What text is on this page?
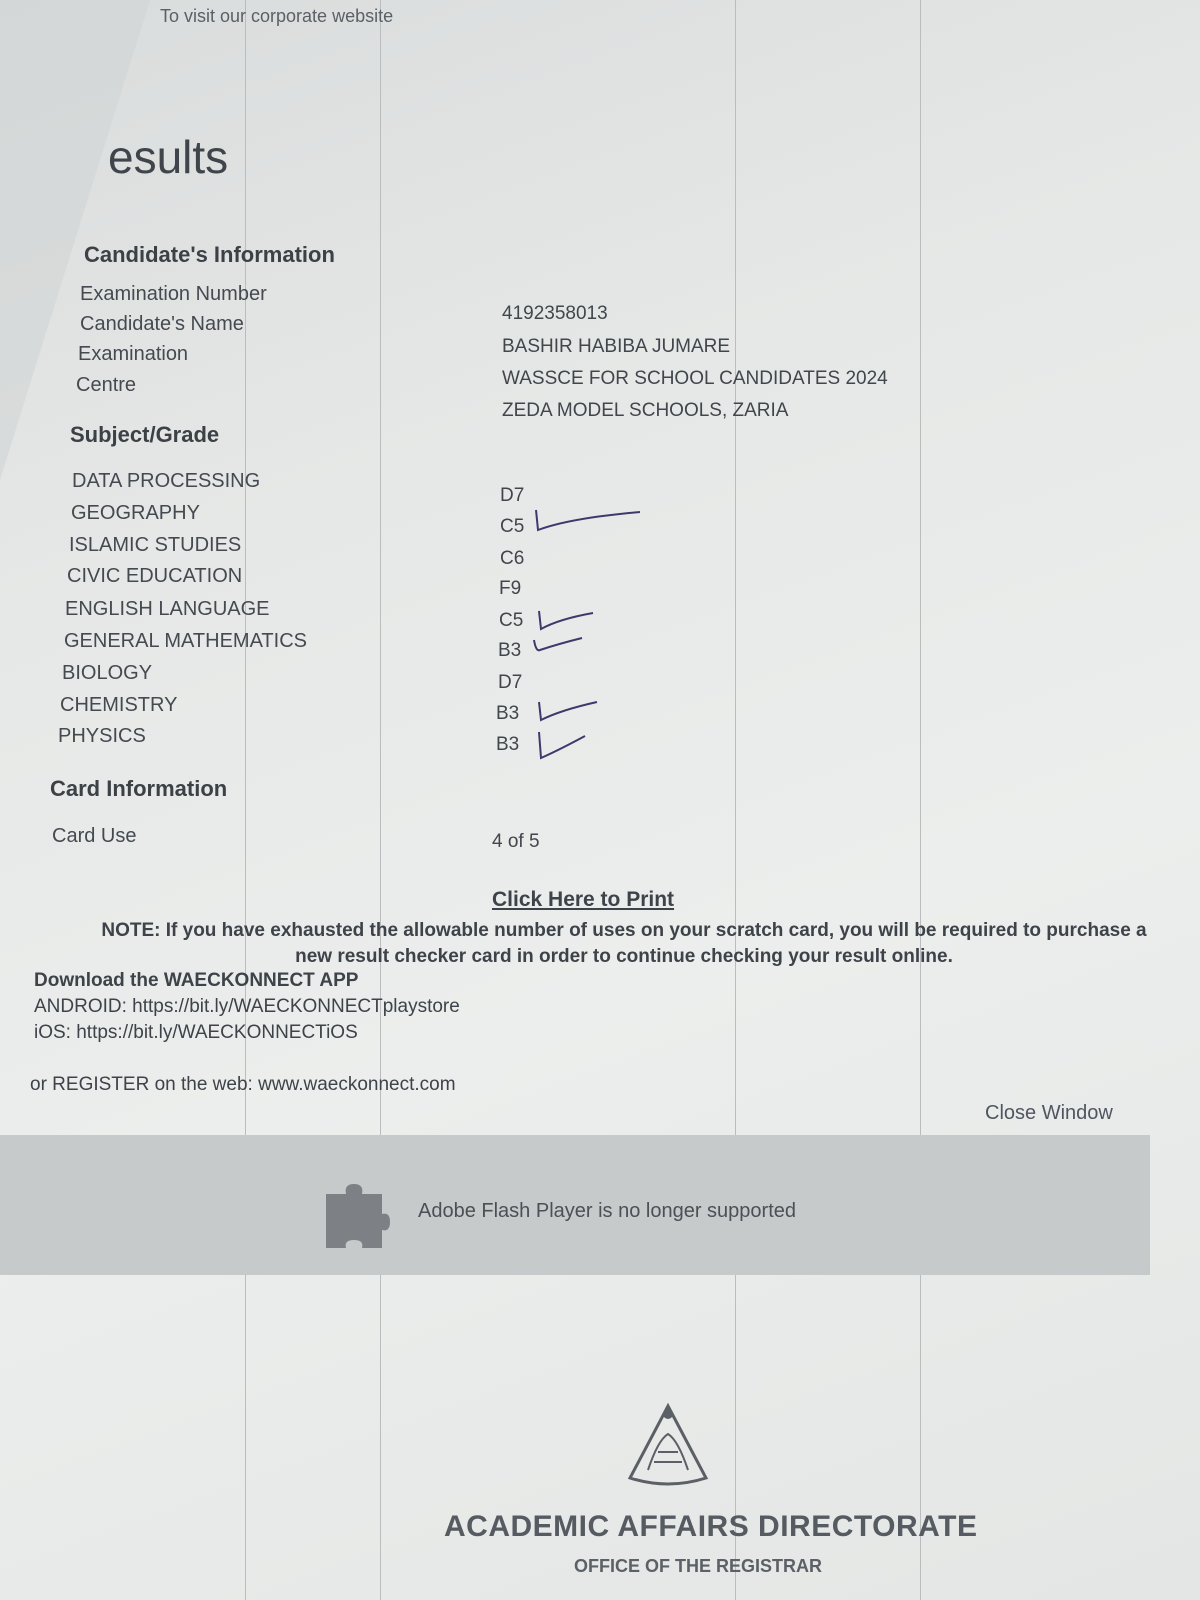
To visit our corporate website
esults
Candidate's Information
Examination Number
Candidate's Name
Examination
Centre
4192358013
BASHIR HABIBA JUMARE
WASSCE FOR SCHOOL CANDIDATES 2024
ZEDA MODEL SCHOOLS, ZARIA
Subject/Grade
DATA PROCESSING
GEOGRAPHY
ISLAMIC STUDIES
CIVIC EDUCATION
ENGLISH LANGUAGE
GENERAL MATHEMATICS
BIOLOGY
CHEMISTRY
PHYSICS
D7
C5
C6
F9
C5
B3
D7
B3
B3
Card Information
Card Use	4 of 5
Click Here to Print
NOTE: If you have exhausted the allowable number of uses on your scratch card, you will be required to purchase a new result checker card in order to continue checking your result online.
Download the WAECKONNECT APP
ANDROID: https://bit.ly/WAECKONNECTplaystore
iOS: https://bit.ly/WAECKONNECTiOS
or REGISTER on the web: www.waeckonnect.com
Close Window
Adobe Flash Player is no longer supported
ACADEMIC AFFAIRS DIRECTORATE
OFFICE OF THE REGISTRAR
